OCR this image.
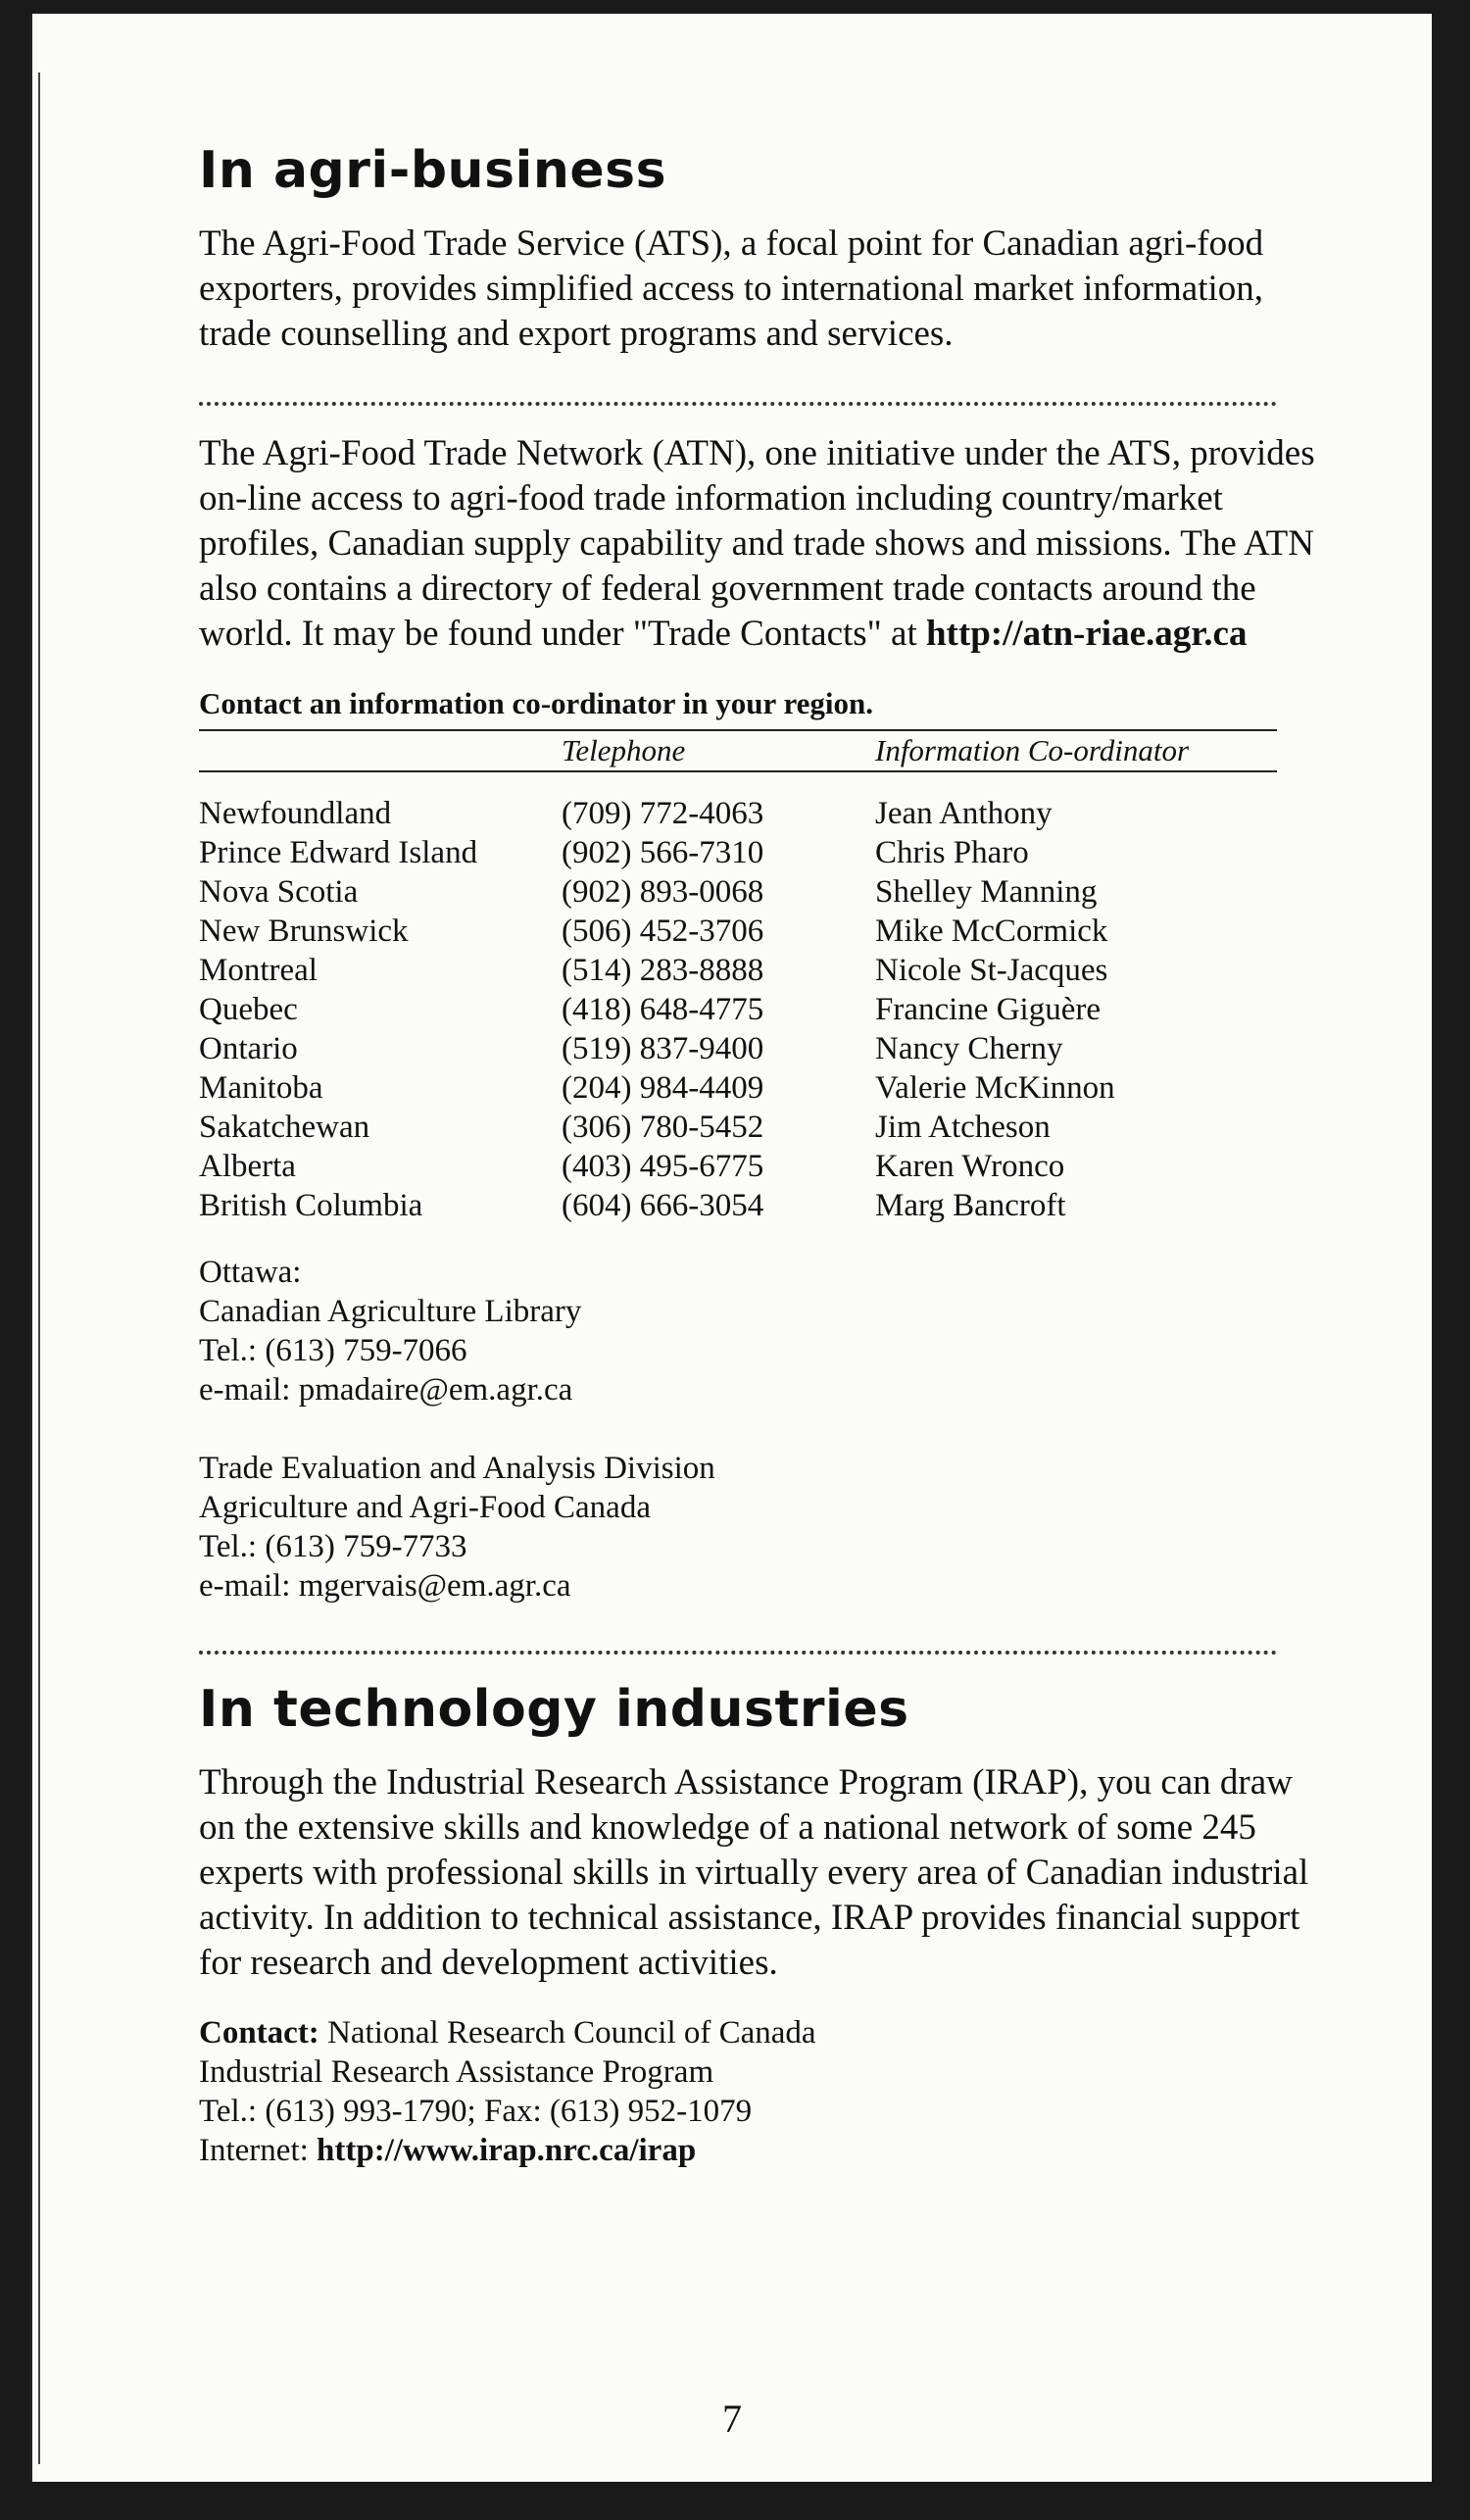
In agri-business

The Agri-Food Trade Service (ATS), a focal point for Canadian agri-food exporters, provides simplified access to international market information, trade counselling and export programs and services.

The Agri-Food Trade Network (ATN), one initiative under the ATS, provides on-line access to agri-food trade information including country/market profiles, Canadian supply capability and trade shows and missions. The ATN also contains a directory of federal government trade contacts around the world. It may be found under "Trade Contacts" at http://atn-riae.agr.ca

Contact an information co-ordinator in your region.
	Telephone	Information Co-ordinator
Newfoundland	(709) 772-4063	Jean Anthony
Prince Edward Island	(902) 566-7310	Chris Pharo
Nova Scotia	(902) 893-0068	Shelley Manning
New Brunswick	(506) 452-3706	Mike McCormick
Montreal	(514) 283-8888	Nicole St-Jacques
Quebec	(418) 648-4775	Francine Giguère
Ontario	(519) 837-9400	Nancy Cherny
Manitoba	(204) 984-4409	Valerie McKinnon
Sakatchewan	(306) 780-5452	Jim Atcheson
Alberta	(403) 495-6775	Karen Wronco
British Columbia	(604) 666-3054	Marg Bancroft
Ottawa:
Canadian Agriculture Library
Tel.: (613) 759-7066
e-mail: pmadaire@em.agr.ca
Trade Evaluation and Analysis Division
Agriculture and Agri-Food Canada
Tel.: (613) 759-7733
e-mail: mgervais@em.agr.ca
In technology industries

Through the Industrial Research Assistance Program (IRAP), you can draw on the extensive skills and knowledge of a national network of some 245 experts with professional skills in virtually every area of Canadian industrial activity. In addition to technical assistance, IRAP provides financial support for research and development activities.

Contact: National Research Council of Canada
Industrial Research Assistance Program
Tel.: (613) 993-1790; Fax: (613) 952-1079
Internet: http://www.irap.nrc.ca/irap
7
